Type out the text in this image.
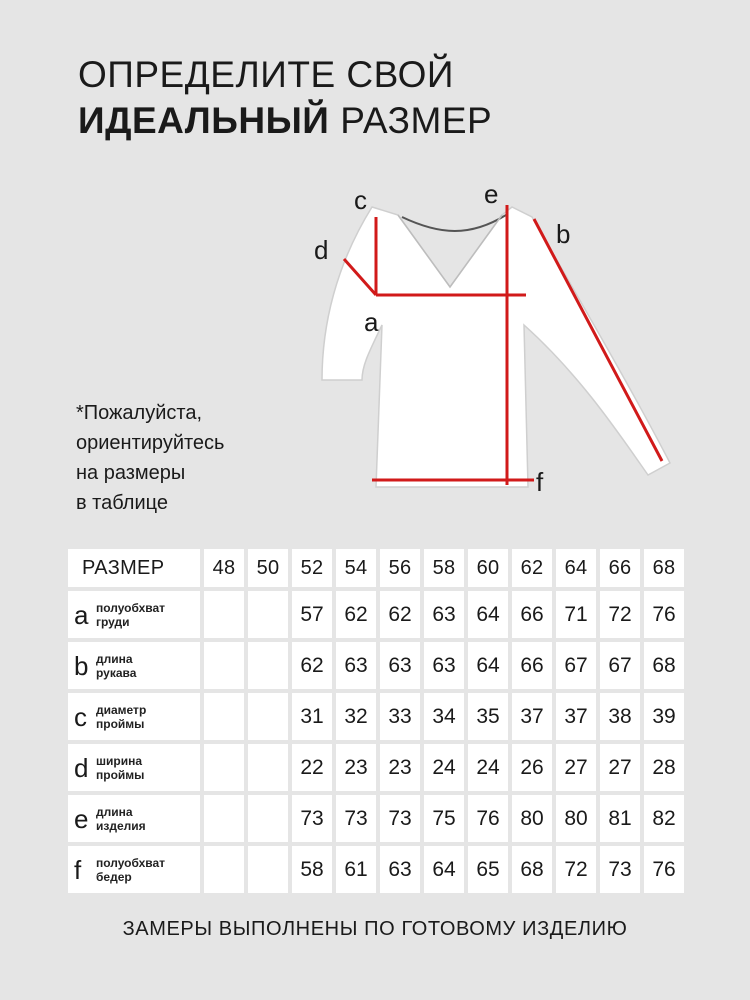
ОПРЕДЕЛИТЕ СВОЙ
ИДЕАЛЬНЫЙ РАЗМЕР
a
b
c
d
e
f
*Пожалуйста,
ориентируйтесь
на размеры
в таблице
РАЗМЕР	48	50	52	54	56	58	60	62	64	66	68

a полуобхват
груди			57	62	62	63	64	66	71	72	76

b длина
рукава			62	63	63	63	64	66	67	67	68

c диаметр
проймы			31	32	33	34	35	37	37	38	39

d ширина
проймы			22	23	23	24	24	26	27	27	28

e длина
изделия			73	73	73	75	76	80	80	81	82

f полуобхват
бедер			58	61	63	64	65	68	72	73	76
ЗАМЕРЫ ВЫПОЛНЕНЫ ПО ГОТОВОМУ ИЗДЕЛИЮ
